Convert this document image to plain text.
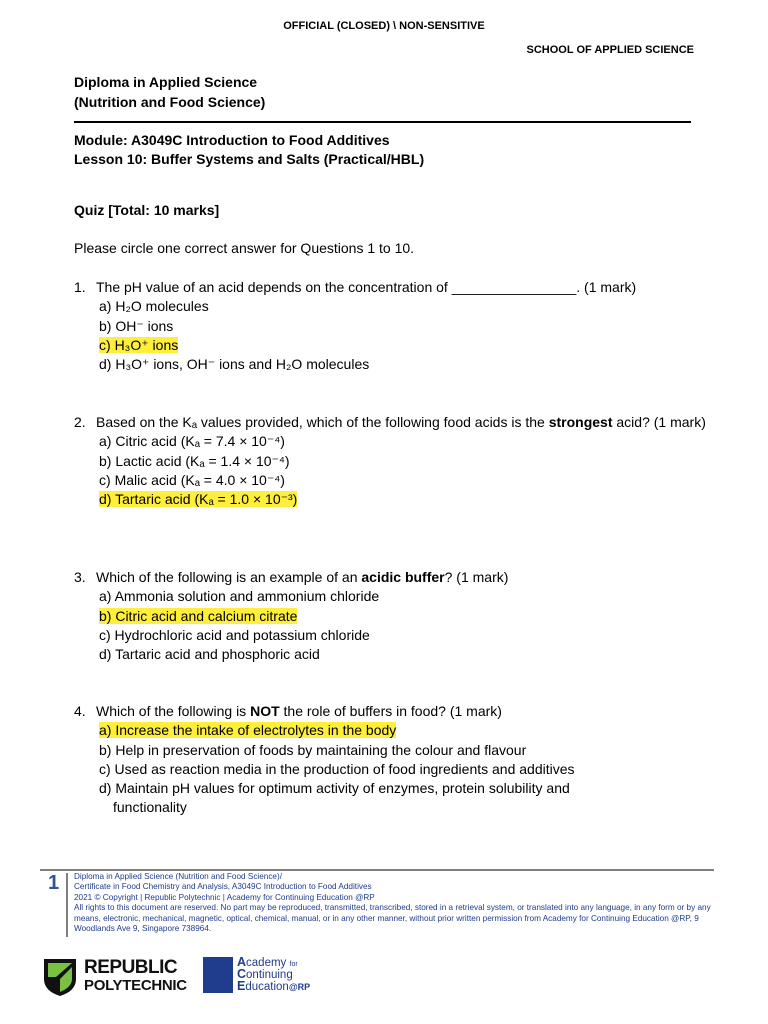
OFFICIAL (CLOSED) \ NON-SENSITIVE
SCHOOL OF APPLIED SCIENCE
Diploma in Applied Science
(Nutrition and Food Science)
Module: A3049C Introduction to Food Additives
Lesson 10: Buffer Systems and Salts (Practical/HBL)
Quiz [Total: 10 marks]
Please circle one correct answer for Questions 1 to 10.
1. The pH value of an acid depends on the concentration of ________________. (1 mark)
a) H₂O molecules
b) OH⁻ ions
c) H₃O⁺ ions
d) H₃O⁺ ions, OH⁻ ions and H₂O molecules
2. Based on the Kₐ values provided, which of the following food acids is the strongest acid? (1 mark)
a) Citric acid (Kₐ = 7.4 × 10⁻⁴)
b) Lactic acid (Kₐ = 1.4 × 10⁻⁴)
c) Malic acid (Kₐ = 4.0 × 10⁻⁴)
d) Tartaric acid (Kₐ = 1.0 × 10⁻³)
3. Which of the following is an example of an acidic buffer? (1 mark)
a) Ammonia solution and ammonium chloride
b) Citric acid and calcium citrate
c) Hydrochloric acid and potassium chloride
d) Tartaric acid and phosphoric acid
4. Which of the following is NOT the role of buffers in food? (1 mark)
a) Increase the intake of electrolytes in the body
b) Help in preservation of foods by maintaining the colour and flavour
c) Used as reaction media in the production of food ingredients and additives
d) Maintain pH values for optimum activity of enzymes, protein solubility and functionality
1 Diploma in Applied Science (Nutrition and Food Science)/
Certificate in Food Chemistry and Analysis, A3049C Introduction to Food Additives
2021 © Copyright | Republic Polytechnic | Academy for Continuing Education @RP
All rights to this document are reserved. No part may be reproduced, transmitted, transcribed, stored in a retrieval system, or translated into any language, in any form or by any means, electronic, mechanical, magnetic, optical, chemical, manual, or in any other manner, without prior written permission from Academy for Continuing Education @RP, 9 Woodlands Ave 9, Singapore 738964.
REPUBLIC
POLYTECHNIC
Academy for
Continuing
Education@RP
